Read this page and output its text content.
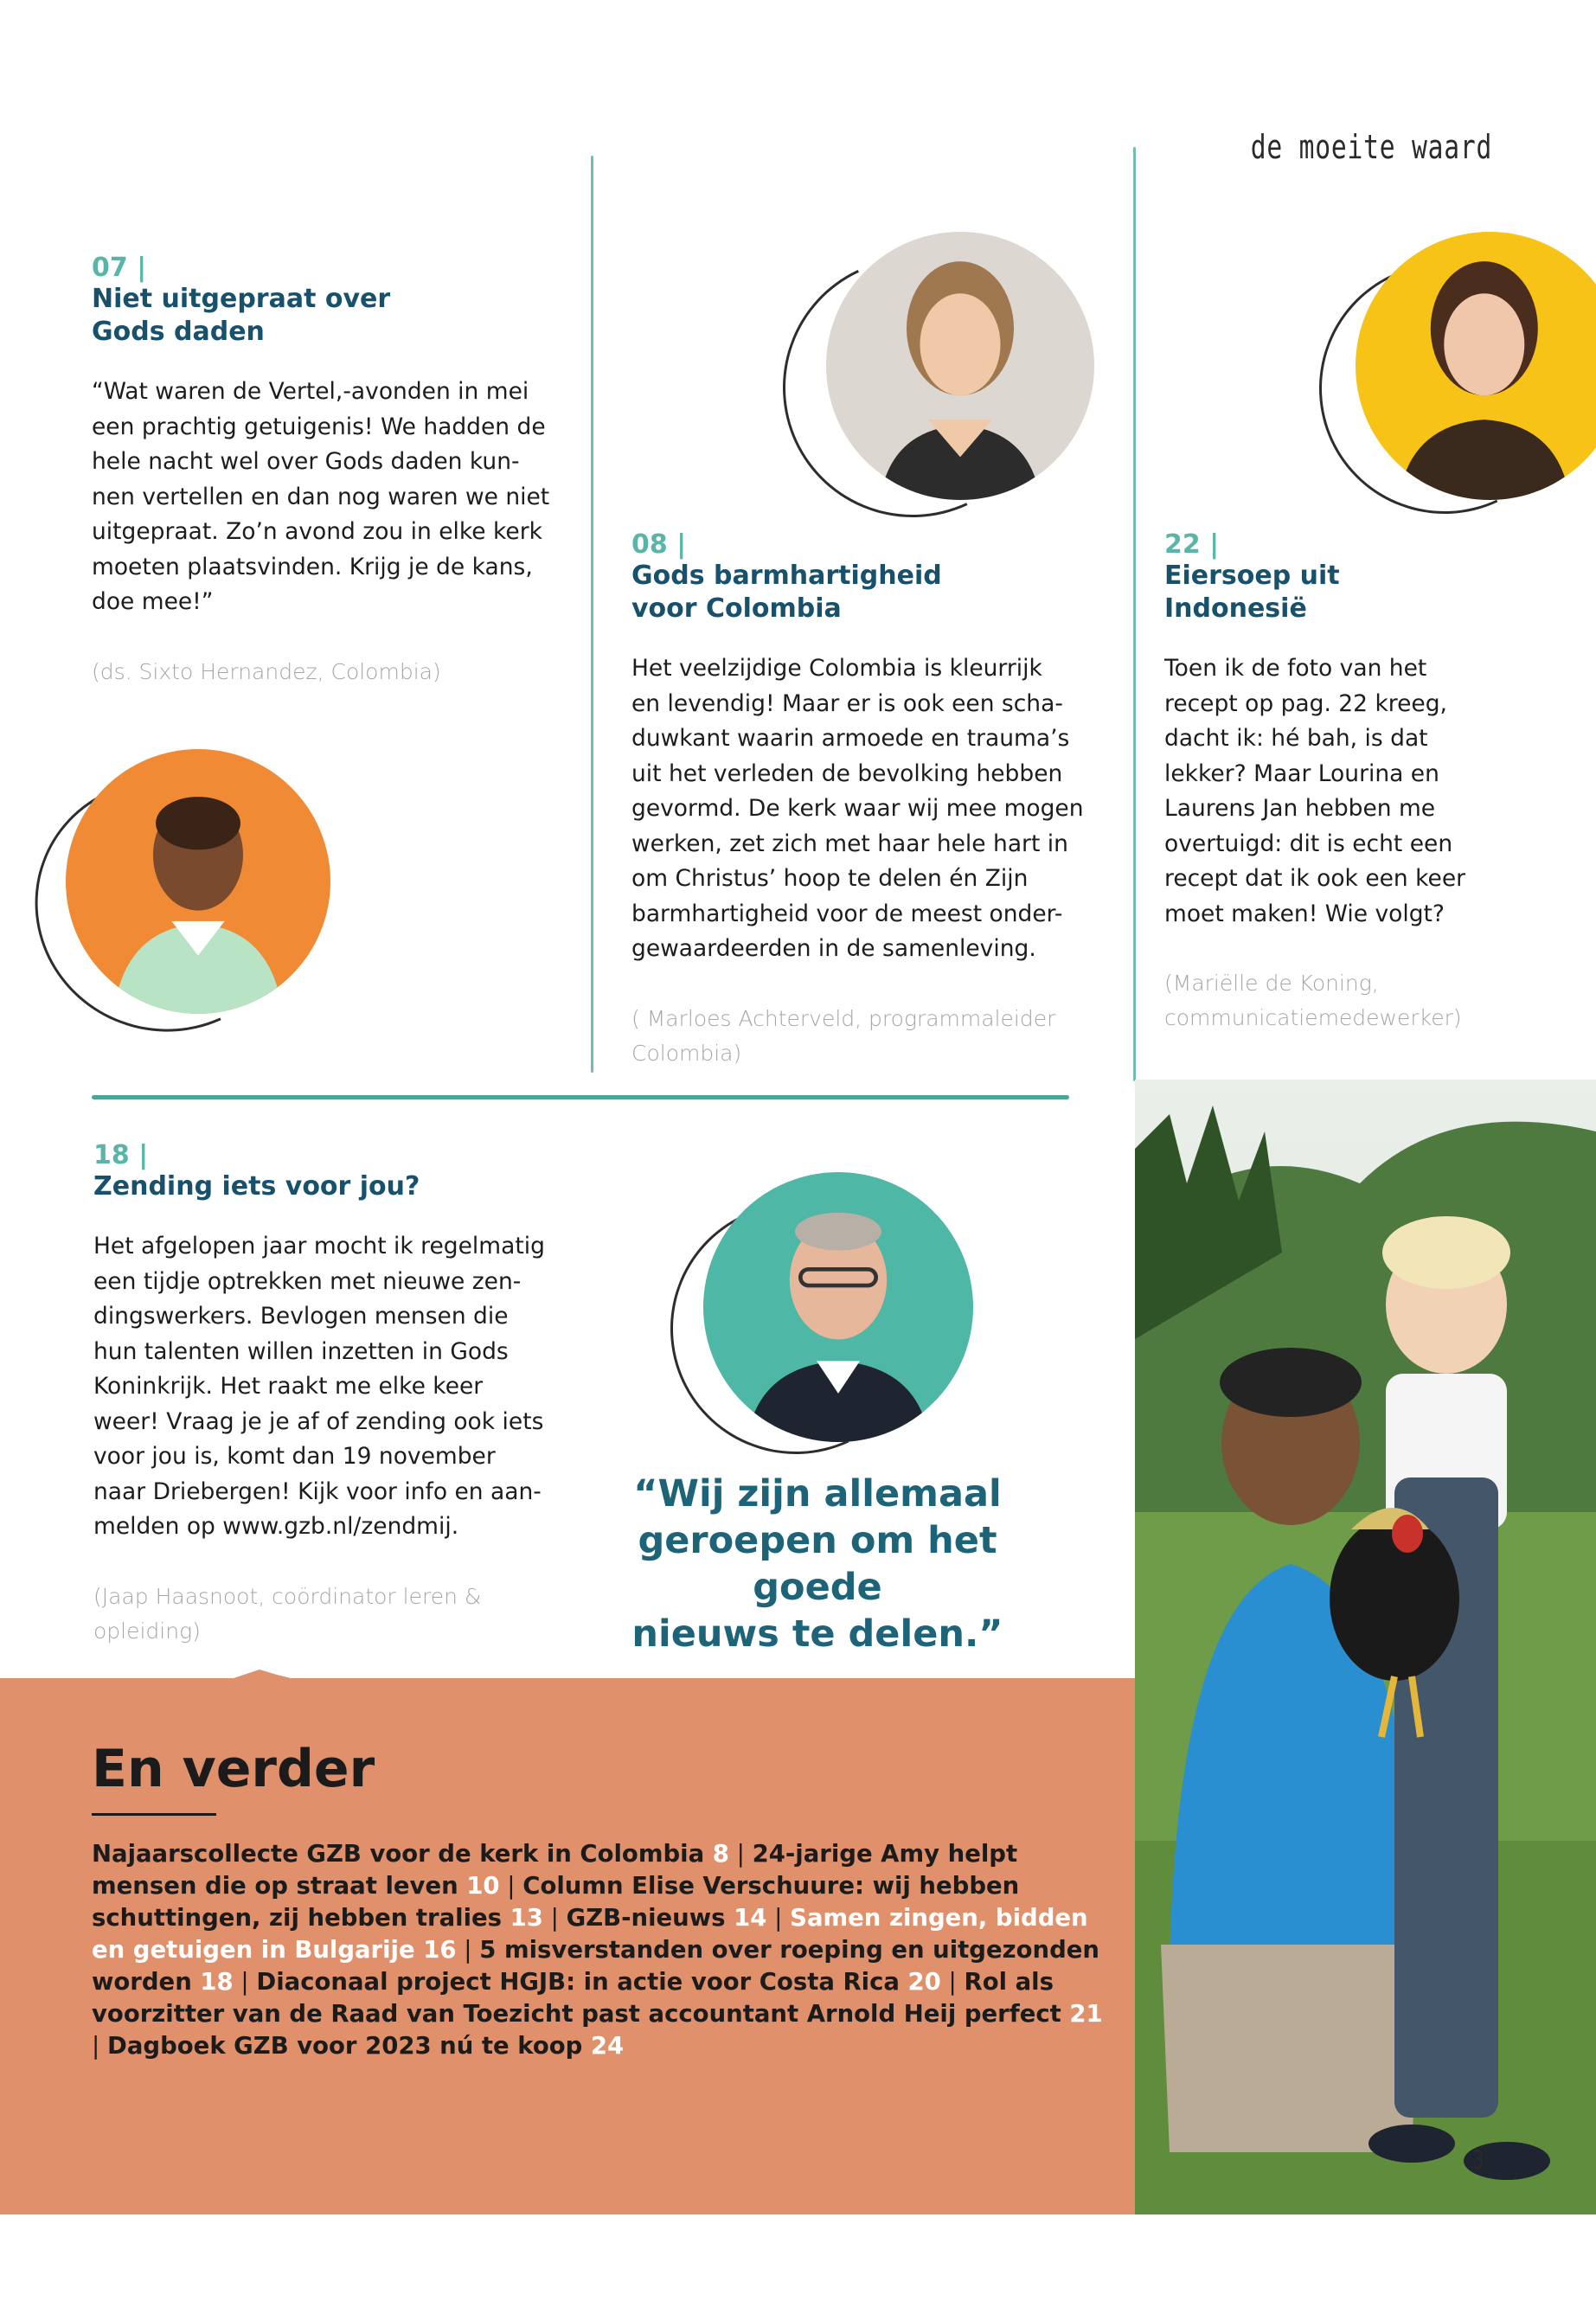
de moeite waard
07 |
Niet uitgepraat over
Gods daden
“Wat waren de Vertel,-avonden in mei
een prachtig getuigenis! We hadden de
hele nacht wel over Gods daden kun-
nen vertellen en dan nog waren we niet
uitgepraat. Zo’n avond zou in elke kerk
moeten plaatsvinden. Krijg je de kans,
doe mee!”
(ds. Sixto Hernandez, Colombia)
08 |
Gods barmhartigheid
voor Colombia
Het veelzijdige Colombia is kleurrijk
en levendig! Maar er is ook een scha-
duwkant waarin armoede en trauma’s
uit het verleden de bevolking hebben
gevormd. De kerk waar wij mee mogen
werken, zet zich met haar hele hart in
om Christus’ hoop te delen én Zijn
barmhartigheid voor de meest onder-
gewaardeerden in de samenleving.
( Marloes Achterveld, programmaleider
Colombia)
22 |
Eiersoep uit
Indonesië
Toen ik de foto van het
recept op pag. 22 kreeg,
dacht ik: hé bah, is dat
lekker? Maar Lourina en
Laurens Jan hebben me
overtuigd: dit is echt een
recept dat ik ook een keer
moet maken! Wie volgt?
(Mariëlle de Koning,
communicatiemedewerker)
18 |
Zending iets voor jou?
Het afgelopen jaar mocht ik regelmatig
een tijdje optrekken met nieuwe zen-
dingswerkers. Bevlogen mensen die
hun talenten willen inzetten in Gods
Koninkrijk. Het raakt me elke keer
weer! Vraag je je af of zending ook iets
voor jou is, komt dan 19 november
naar Driebergen! Kijk voor info en aan-
melden op www.gzb.nl/zendmij.
(Jaap Haasnoot, coördinator leren &
opleiding)
“Wij zijn allemaal
geroepen om het goede
nieuws te delen.”
En verder
Najaarscollecte GZB voor de kerk in Colombia 8 | 24-jarige Amy helpt mensen die op straat leven 10 | Column Elise Verschuure: wij hebben schuttingen, zij hebben tralies 13 | GZB-nieuws 14 | Samen zingen, bidden en getuigen in Bulgarije 16 | 5 misverstanden over roeping en uitgezonden worden 18 | Diaconaal project HGJB: in actie voor Costa Rica 20 | Rol als voorzitter van de Raad van Toezicht past accountant Arnold Heij perfect 21 | Dagboek GZB voor 2023 nú te koop 24
3
